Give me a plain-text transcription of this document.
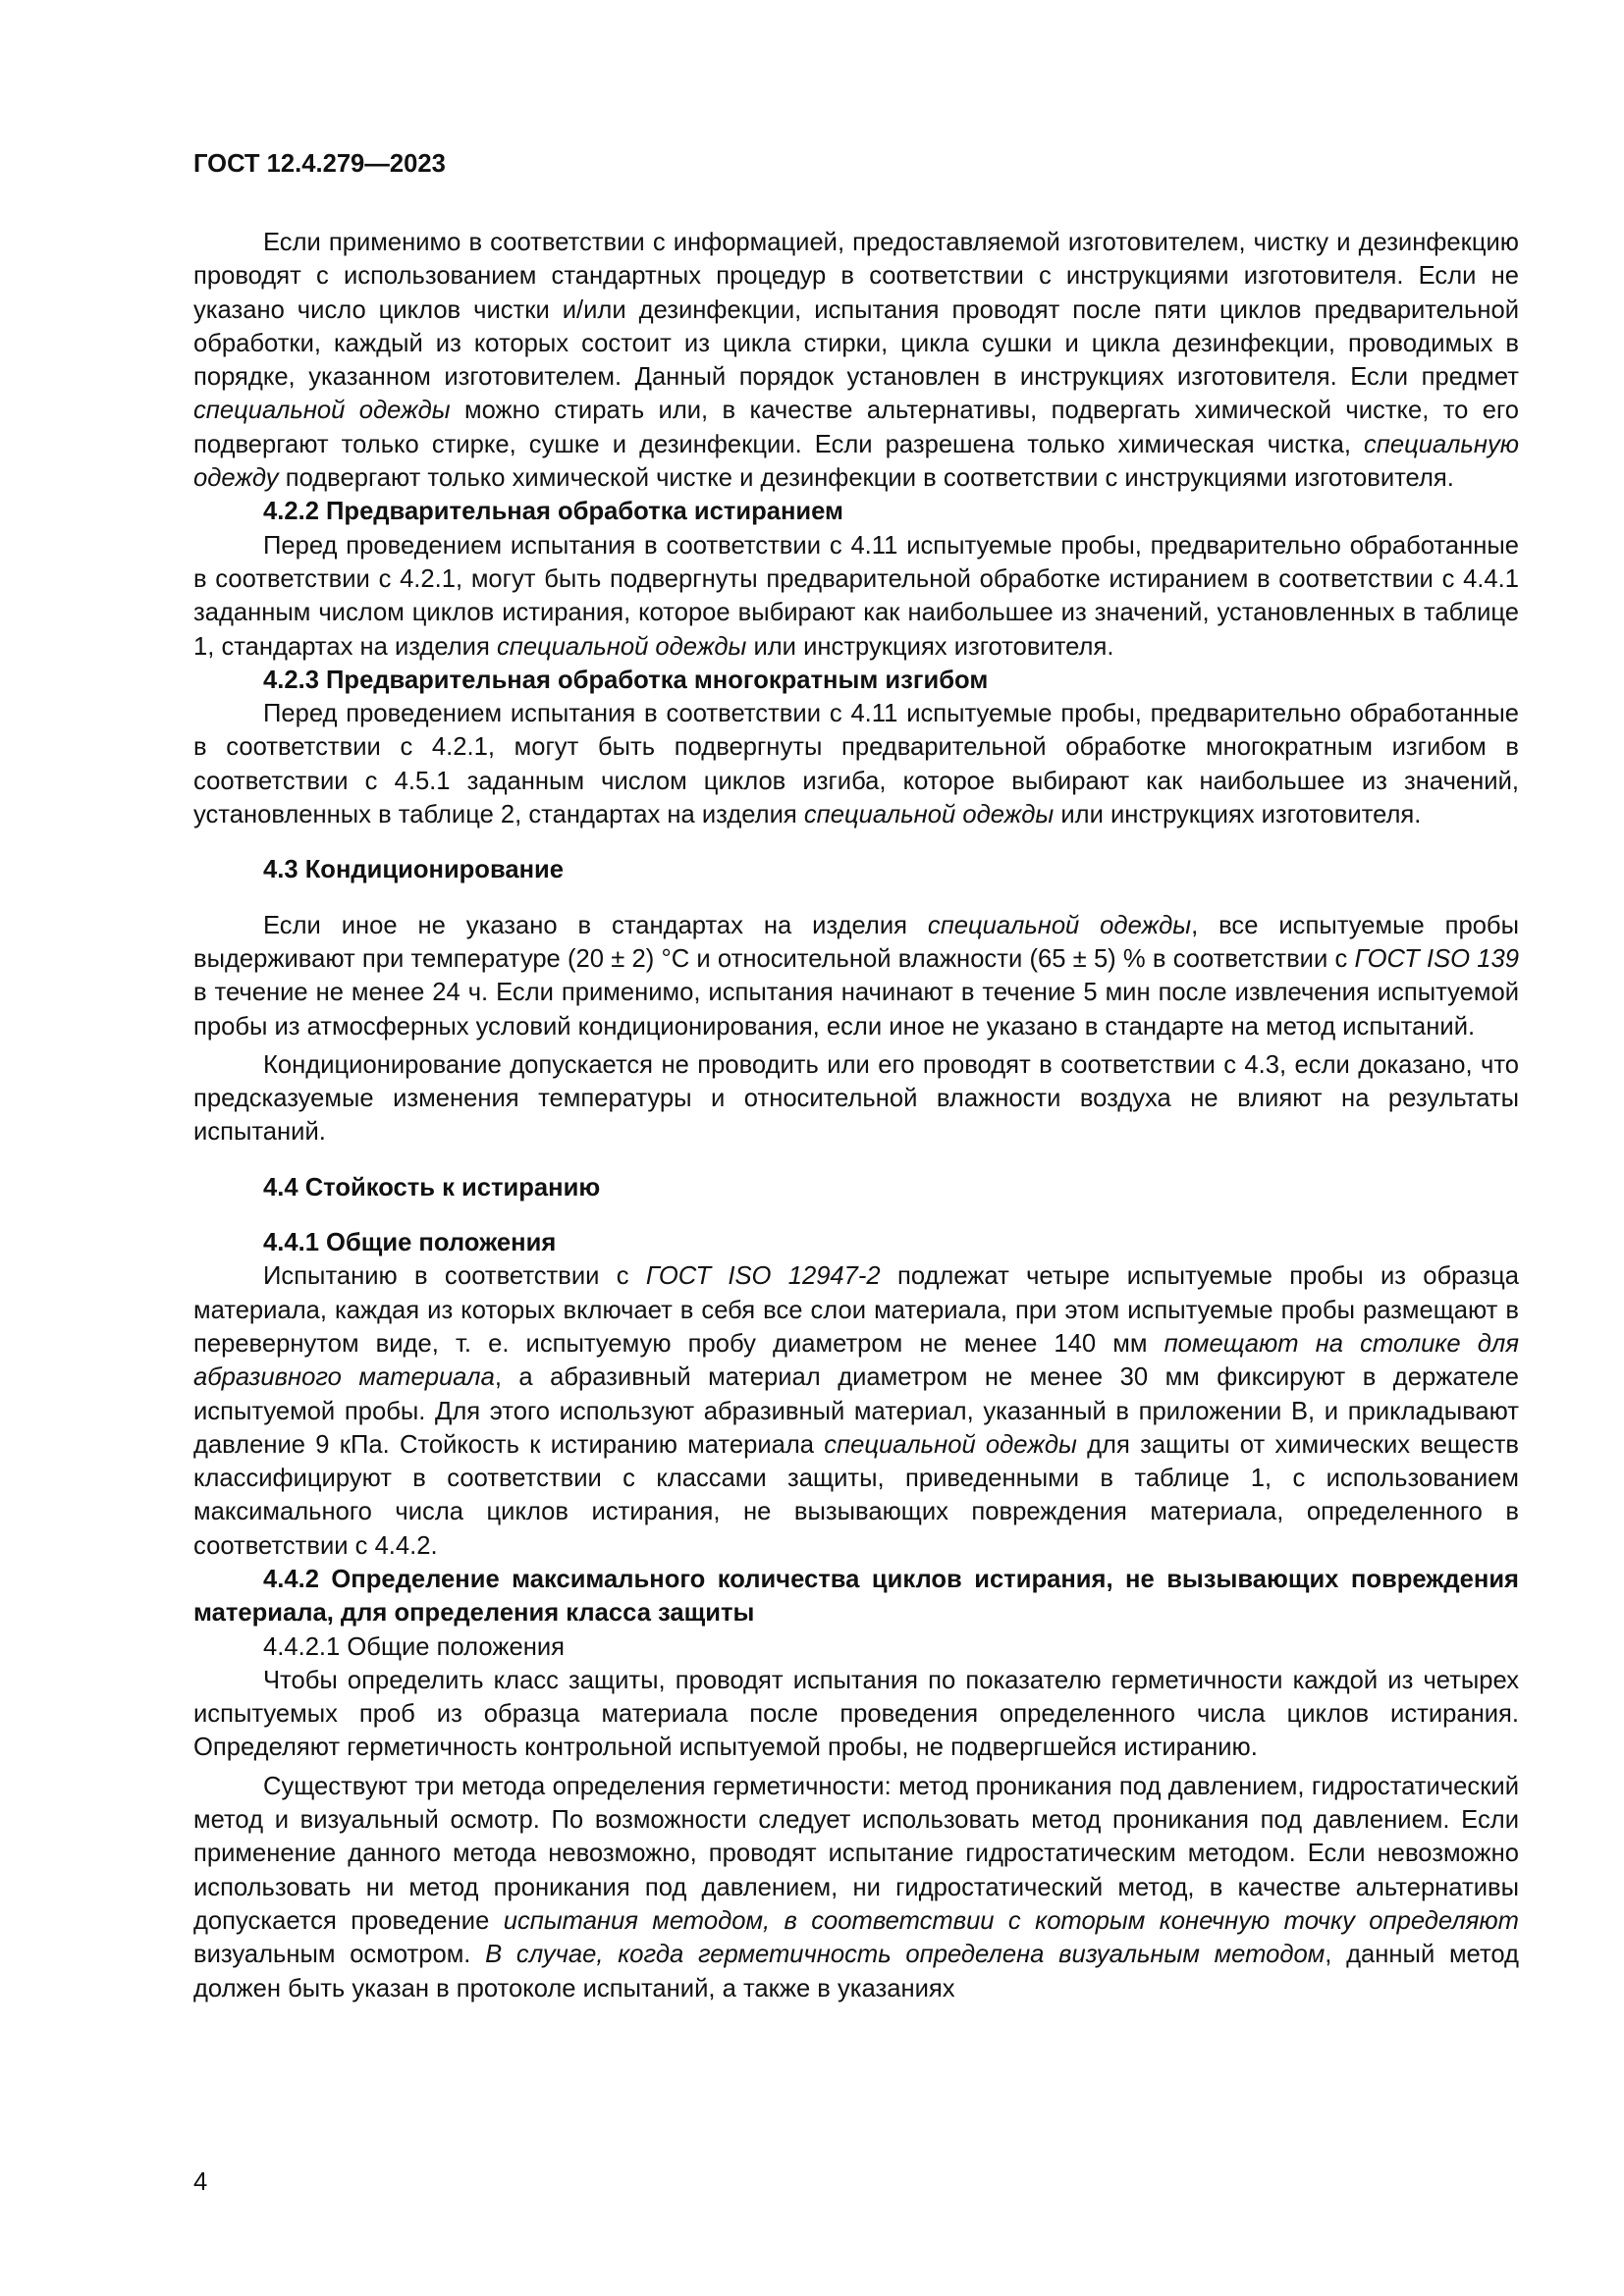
ГОСТ 12.4.279—2023

Если применимо в соответствии с информацией, предоставляемой изготовителем, чистку и дезинфекцию проводят с использованием стандартных процедур в соответствии с инструкциями изготовителя. Если не указано число циклов чистки и/или дезинфекции, испытания проводят после пяти циклов предварительной обработки, каждый из которых состоит из цикла стирки, цикла сушки и цикла дезинфекции, проводимых в порядке, указанном изготовителем. Данный порядок установлен в инструкциях изготовителя. Если предмет специальной одежды можно стирать или, в качестве альтернативы, подвергать химической чистке, то его подвергают только стирке, сушке и дезинфекции. Если разрешена только химическая чистка, специальную одежду подвергают только химической чистке и дезинфекции в соответствии с инструкциями изготовителя.

4.2.2 Предварительная обработка истиранием

Перед проведением испытания в соответствии с 4.11 испытуемые пробы, предварительно обработанные в соответствии с 4.2.1, могут быть подвергнуты предварительной обработке истиранием в соответствии с 4.4.1 заданным числом циклов истирания, которое выбирают как наибольшее из значений, установленных в таблице 1, стандартах на изделия специальной одежды или инструкциях изготовителя.

4.2.3 Предварительная обработка многократным изгибом

Перед проведением испытания в соответствии с 4.11 испытуемые пробы, предварительно обработанные в соответствии с 4.2.1, могут быть подвергнуты предварительной обработке многократным изгибом в соответствии с 4.5.1 заданным числом циклов изгиба, которое выбирают как наибольшее из значений, установленных в таблице 2, стандартах на изделия специальной одежды или инструкциях изготовителя.

4.3 Кондиционирование

Если иное не указано в стандартах на изделия специальной одежды, все испытуемые пробы выдерживают при температуре (20 ± 2) °C и относительной влажности (65 ± 5) % в соответствии с ГОСТ ISO 139 в течение не менее 24 ч. Если применимо, испытания начинают в течение 5 мин после извлечения испытуемой пробы из атмосферных условий кондиционирования, если иное не указано в стандарте на метод испытаний.

Кондиционирование допускается не проводить или его проводят в соответствии с 4.3, если доказано, что предсказуемые изменения температуры и относительной влажности воздуха не влияют на результаты испытаний.

4.4 Стойкость к истиранию
4.4.1 Общие положения

Испытанию в соответствии с ГОСТ ISO 12947-2 подлежат четыре испытуемые пробы из образца материала, каждая из которых включает в себя все слои материала, при этом испытуемые пробы размещают в перевернутом виде, т. е. испытуемую пробу диаметром не менее 140 мм помещают на столике для абразивного материала, а абразивный материал диаметром не менее 30 мм фиксируют в держателе испытуемой пробы. Для этого используют абразивный материал, указанный в приложении В, и прикладывают давление 9 кПа. Стойкость к истиранию материала специальной одежды для защиты от химических веществ классифицируют в соответствии с классами защиты, приведенными в таблице 1, с использованием максимального числа циклов истирания, не вызывающих повреждения материала, определенного в соответствии с 4.4.2.

4.4.2 Определение максимального количества циклов истирания, не вызывающих повреждения материала, для определения класса защиты
4.4.2.1 Общие положения

Чтобы определить класс защиты, проводят испытания по показателю герметичности каждой из четырех испытуемых проб из образца материала после проведения определенного числа циклов истирания. Определяют герметичность контрольной испытуемой пробы, не подвергшейся истиранию.

Существуют три метода определения герметичности: метод проникания под давлением, гидростатический метод и визуальный осмотр. По возможности следует использовать метод проникания под давлением. Если применение данного метода невозможно, проводят испытание гидростатическим методом. Если невозможно использовать ни метод проникания под давлением, ни гидростатический метод, в качестве альтернативы допускается проведение испытания методом, в соответствии с которым конечную точку определяют визуальным осмотром. В случае, когда герметичность определена визуальным методом, данный метод должен быть указан в протоколе испытаний, а также в указаниях

4
